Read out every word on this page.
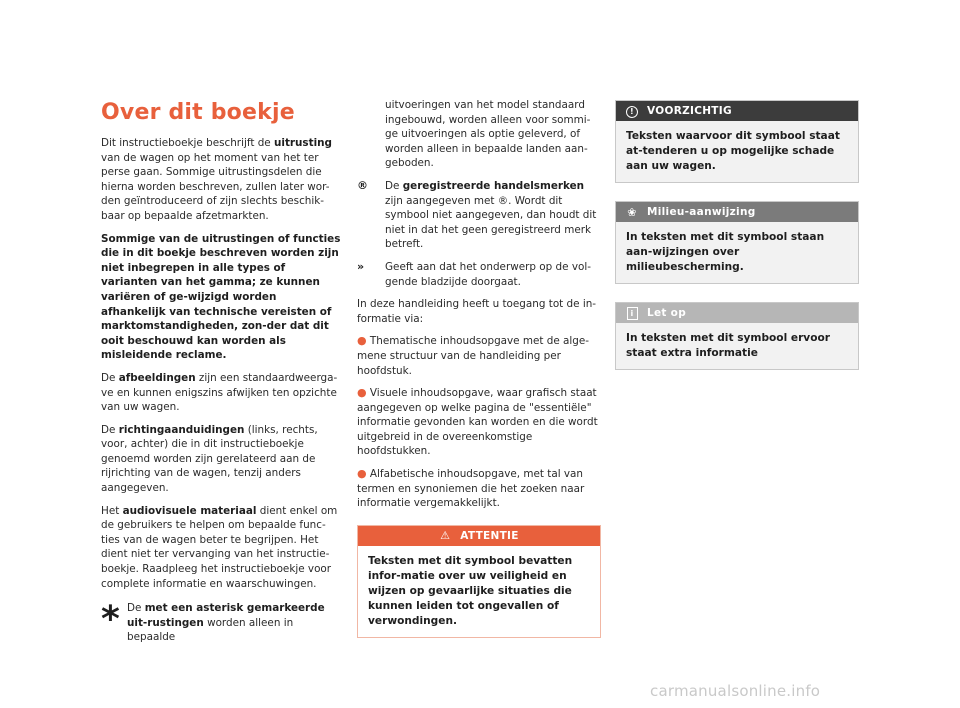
Over dit boekje

Dit instructieboekje beschrijft de uitrusting van de wagen op het moment van het ter perse gaan. Sommige uitrustingsdelen die hierna worden beschreven, zullen later wor-den geïntroduceerd of zijn slechts beschik-baar op bepaalde afzetmarkten.

Sommige van de uitrustingen of functies die in dit boekje beschreven worden zijn niet inbegrepen in alle types of varianten van het gamma; ze kunnen variëren of ge-wijzigd worden afhankelijk van technische vereisten of marktomstandigheden, zon-der dat dit ooit beschouwd kan worden als misleidende reclame.

De afbeeldingen zijn een standaardweerga-ve en kunnen enigszins afwijken ten opzichte van uw wagen.

De richtingaanduidingen (links, rechts, voor, achter) die in dit instructieboekje genoemd worden zijn gerelateerd aan de rijrichting van de wagen, tenzij anders aangegeven.

Het audiovisuele materiaal dient enkel om de gebruikers te helpen om bepaalde func-ties van de wagen beter te begrijpen. Het dient niet ter vervanging van het instructie-boekje. Raadpleeg het instructieboekje voor complete informatie en waarschuwingen.

* De met een asterisk gemarkeerde uit-rustingen worden alleen in bepaalde
uitvoeringen van het model standaard ingebouwd, worden alleen voor sommi-ge uitvoeringen als optie geleverd, of worden alleen in bepaalde landen aan-geboden.
®	De geregistreerde handelsmerken zijn aangegeven met ®. Wordt dit symbool niet aangegeven, dan houdt dit niet in dat het geen geregistreerd merk betreft.
»	Geeft aan dat het onderwerp op de vol-gende bladzijde doorgaat.

In deze handleiding heeft u toegang tot de in-formatie via:

● Thematische inhoudsopgave met de alge-mene structuur van de handleiding per hoofdstuk.

● Visuele inhoudsopgave, waar grafisch staat aangegeven op welke pagina de "essentiële" informatie gevonden kan worden en die wordt uitgebreid in de overeenkomstige hoofdstukken.

● Alfabetische inhoudsopgave, met tal van termen en synoniemen die het zoeken naar informatie vergemakkelijkt.

⚠ ATTENTIE
Teksten met dit symbool bevatten infor-matie over uw veiligheid en wijzen op gevaarlijke situaties die kunnen leiden tot ongevallen of verwondingen.
!	VOORZICHTIG
Teksten waarvoor dit symbool staat at-tenderen u op mogelijke schade aan uw wagen.
❀ Milieu-aanwijzing
In teksten met dit symbool staan aan-wijzingen over milieubescherming.
i	Let op
In teksten met dit symbool ervoor staat extra informatie
carmanualsonline.info
